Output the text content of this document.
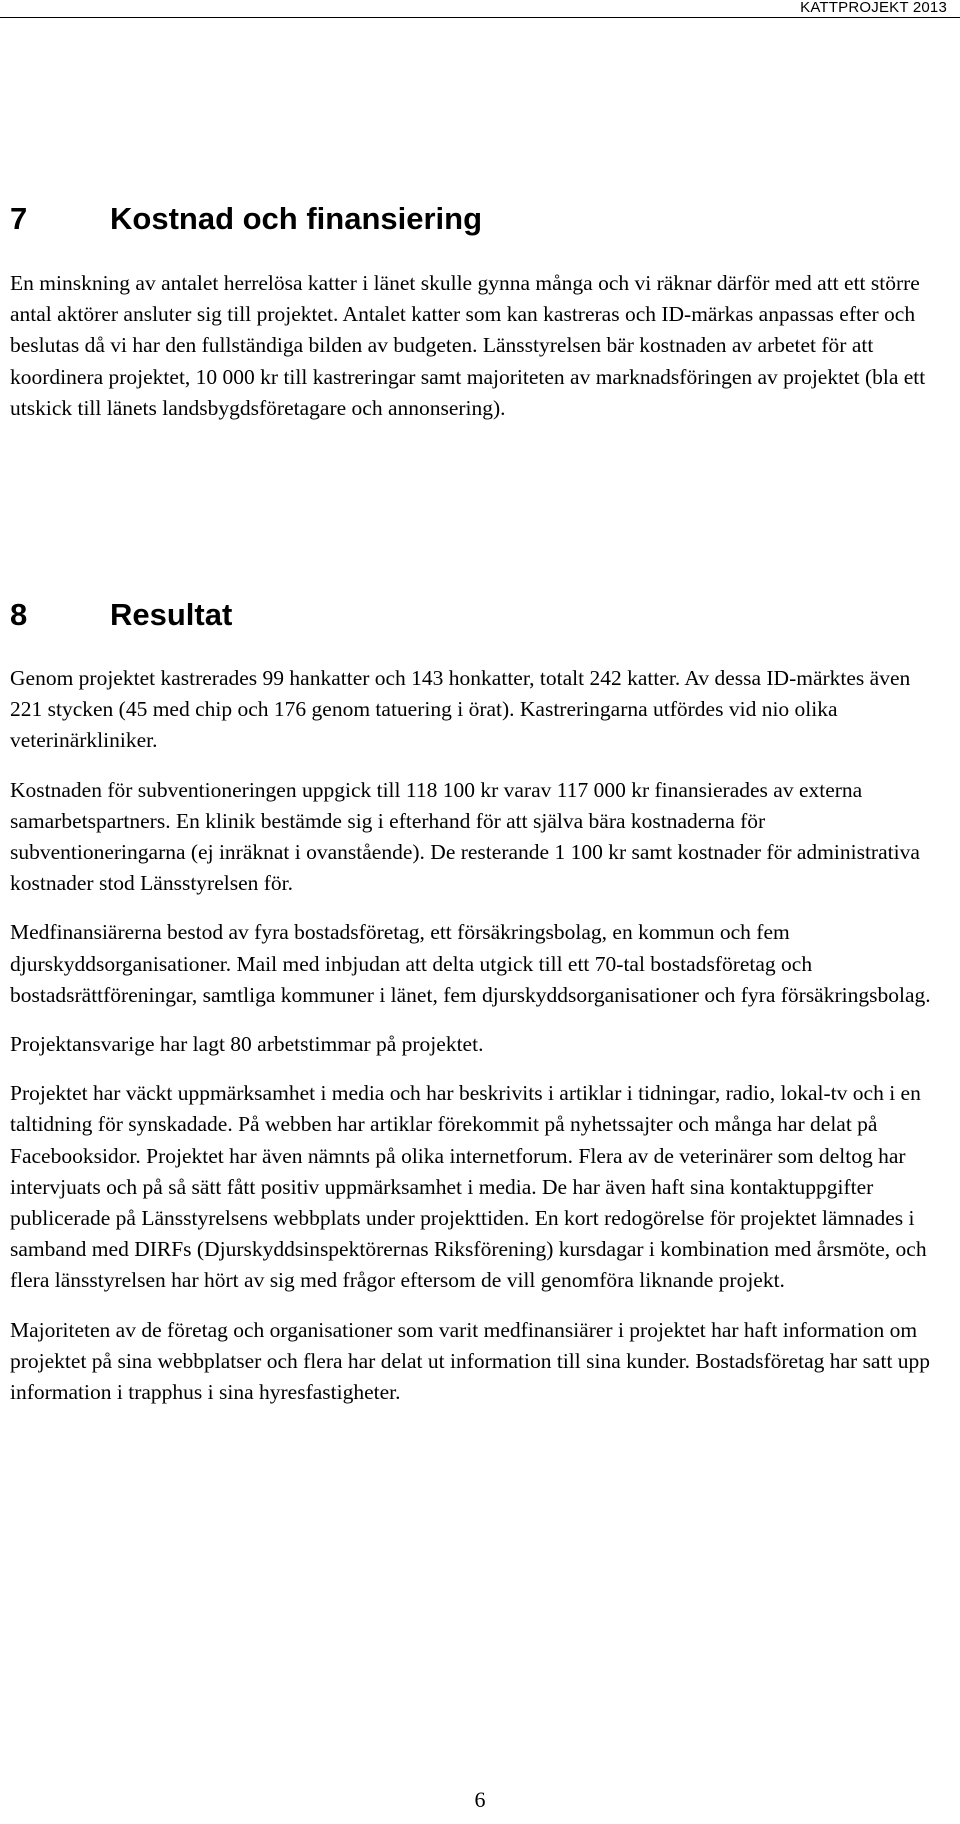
KATTPROJEKT 2013
7	Kostnad och finansiering

En minskning av antalet herrelösa katter i länet skulle gynna många och vi räknar därför med att ett större antal aktörer ansluter sig till projektet. Antalet katter som kan kastreras och ID-märkas anpassas efter och beslutas då vi har den fullständiga bilden av budgeten. Länsstyrelsen bär kostnaden av arbetet för att koordinera projektet, 10 000 kr till kastreringar samt majoriteten av marknadsföringen av projektet (bla ett utskick till länets landsbygdsföretagare och annonsering).

8	Resultat

Genom projektet kastrerades 99 hankatter och 143 honkatter, totalt 242 katter. Av dessa ID-märktes även 221 stycken (45 med chip och 176 genom tatuering i örat). Kastreringarna utfördes vid nio olika veterinärkliniker.

Kostnaden för subventioneringen uppgick till 118 100 kr varav 117 000 kr finansierades av externa samarbetspartners. En klinik bestämde sig i efterhand för att själva bära kostnaderna för subventioneringarna (ej inräknat i ovanstående). De resterande 1 100 kr samt kostnader för administrativa kostnader stod Länsstyrelsen för.

Medfinansiärerna bestod av fyra bostadsföretag, ett försäkringsbolag, en kommun och fem djurskyddsorganisationer. Mail med inbjudan att delta utgick till ett 70-tal bostadsföretag och bostadsrättföreningar, samtliga kommuner i länet, fem djurskyddsorganisationer och fyra försäkringsbolag.

Projektansvarige har lagt 80 arbetstimmar på projektet.

Projektet har väckt uppmärksamhet i media och har beskrivits i artiklar i tidningar, radio, lokal-tv och i en taltidning för synskadade. På webben har artiklar förekommit på nyhetssajter och många har delat på Facebooksidor. Projektet har även nämnts på olika internetforum. Flera av de veterinärer som deltog har intervjuats och på så sätt fått positiv uppmärksamhet i media. De har även haft sina kontaktuppgifter publicerade på Länsstyrelsens webbplats under projekttiden. En kort redogörelse för projektet lämnades i samband med DIRFs (Djurskyddsinspektörernas Riksförening) kursdagar i kombination med årsmöte, och flera länsstyrelsen har hört av sig med frågor eftersom de vill genomföra liknande projekt.

Majoriteten av de företag och organisationer som varit medfinansiärer i projektet har haft information om projektet på sina webbplatser och flera har delat ut information till sina kunder. Bostadsföretag har satt upp information i trapphus i sina hyresfastigheter.

6
